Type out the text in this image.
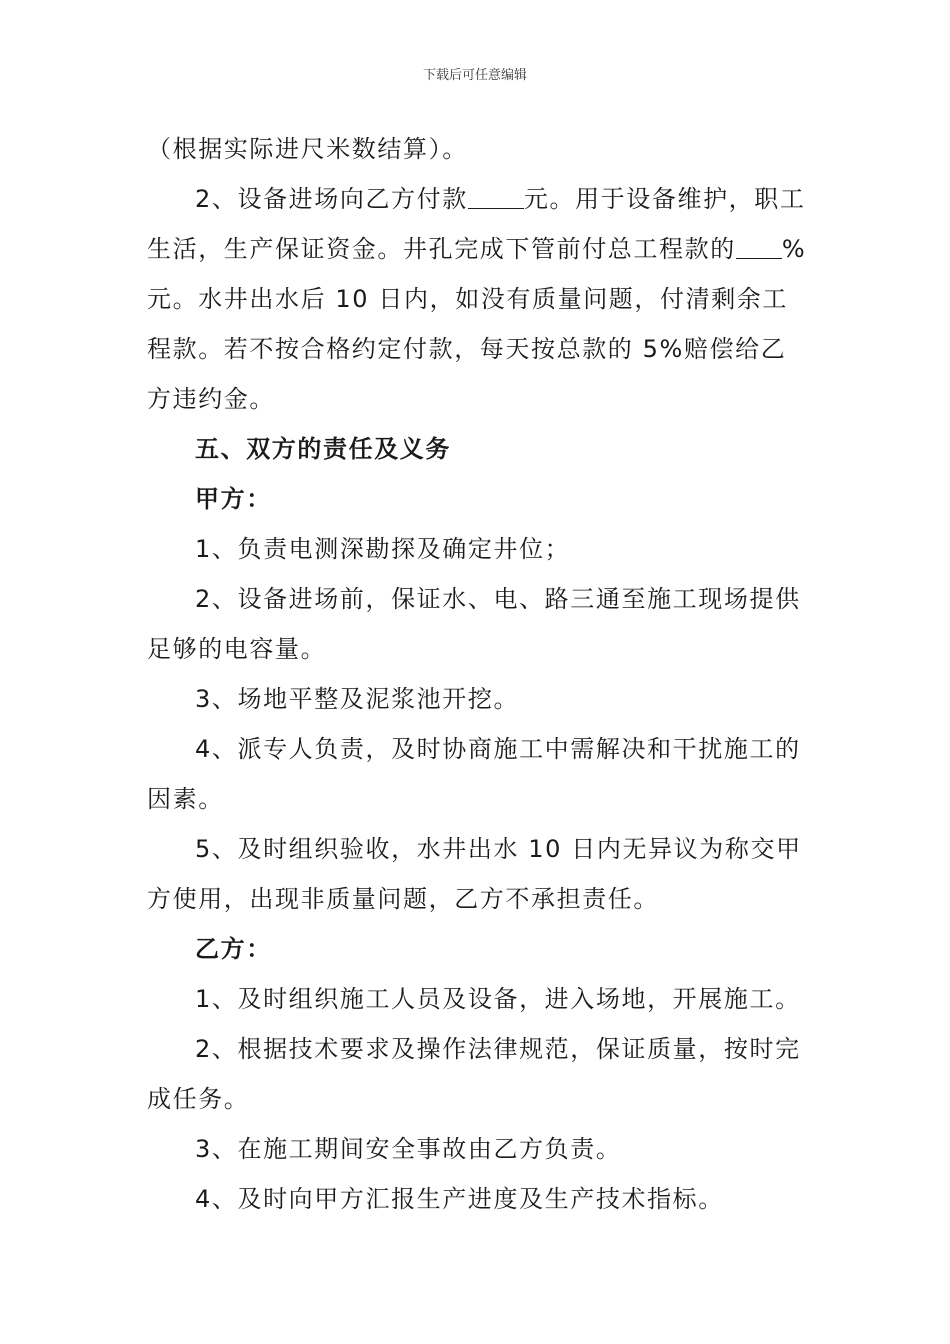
下载后可任意编辑

（根据实际进尺米数结算）。

2、设备进场向乙方付款 元。用于设备维护，职工生活，生产保证资金。井孔完成下管前付总工程款的 %元。水井出水后 10 日内，如没有质量问题，付清剩余工程款。若不按合格约定付款，每天按总款的 5%赔偿给乙方违约金。

五、双方的责任及义务

甲方：

1、负责电测深勘探及确定井位；

2、设备进场前，保证水、电、路三通至施工现场提供足够的电容量。

3、场地平整及泥浆池开挖。

4、派专人负责，及时协商施工中需解决和干扰施工的因素。

5、及时组织验收，水井出水 10 日内无异议为称交甲方使用，出现非质量问题，乙方不承担责任。

乙方：

1、及时组织施工人员及设备，进入场地，开展施工。

2、根据技术要求及操作法律规范，保证质量，按时完成任务。

3、在施工期间安全事故由乙方负责。

4、及时向甲方汇报生产进度及生产技术指标。
